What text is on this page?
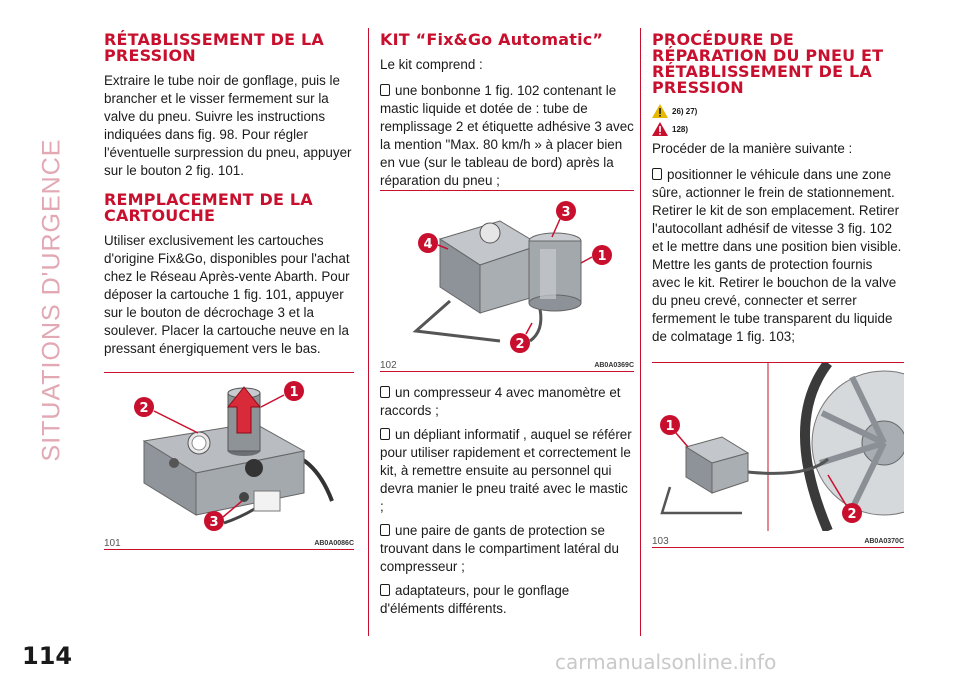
SITUATIONS D'URGENCE
114	carmanualsonline.info
RÉTABLISSEMENT DE LA PRESSION
Extraire le tube noir de gonflage, puis le brancher et le visser fermement sur la valve du pneu. Suivre les instructions indiquées dans fig. 98. Pour régler l'éventuelle surpression du pneu, appuyer sur le bouton 2 fig. 101.
REMPLACEMENT DE LA CARTOUCHE
Utiliser exclusivement les cartouches d'origine Fix&Go, disponibles pour l'achat chez le Réseau Après-vente Abarth. Pour déposer la cartouche 1 fig. 101, appuyer sur le bouton de décrochage 3 et la soulever. Placer la cartouche neuve en la pressant énergiquement vers le bas.
2
1
3
101	AB0A0086C
KIT “Fix&Go Automatic”
Le kit comprend :
une bonbonne 1 fig. 102 contenant le mastic liquide et dotée de : tube de remplissage 2 et étiquette adhésive 3 avec la mention "Max. 80 km/h » à placer bien en vue (sur le tableau de bord) après la réparation du pneu ;
3
1
4
2
102	AB0A0369C
un compresseur 4 avec manomètre et raccords ;
un dépliant informatif , auquel se référer pour utiliser rapidement et correctement le kit, à remettre ensuite au personnel qui devra manier le pneu traité avec le mastic ;
une paire de gants de protection se trouvant dans le compartiment latéral du compresseur ;
adaptateurs, pour le gonflage d'éléments différents.
PROCÉDURE DE RÉPARATION DU PNEU ET RÉTABLISSEMENT DE LA PRESSION
26) 27)
128)
Procéder de la manière suivante :
positionner le véhicule dans une zone sûre, actionner le frein de stationnement. Retirer le kit de son emplacement. Retirer l'autocollant adhésif de vitesse 3 fig. 102 et le mettre dans une position bien visible. Mettre les gants de protection fournis avec le kit. Retirer le bouchon de la valve du pneu crevé, connecter et serrer fermement le tube transparent du liquide de colmatage 1 fig. 103;
1
2
103	AB0A0370C
